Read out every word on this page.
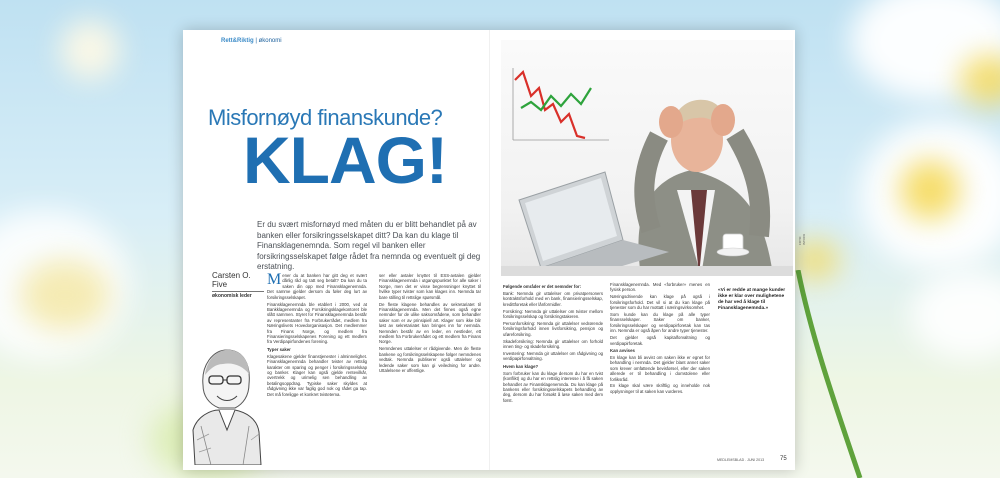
Rett&Riktig | økonomi
Misfornøyd finanskunde?
KLAG!
Er du svært misfornøyd med måten du er blitt behandlet på av banken eller forsikringsselskapet ditt? Da kan du klage til Finansklagenemnda. Som regel vil banken eller forsikringsselskapet følge rådet fra nemnda og eventuelt gi deg erstatning.
Carsten O. Five
økonomisk leder
M ener du at banken har gitt deg et svært dårlig råd og tatt seg betalt? Da kan du ta saken din opp med Finansklagenemnda. Det samme gjelder dersom du føler deg lurt av forsikringsselskapet.

Finansklagenemnda ble etablert i 2000, ved at Bankklagenemnda og Forsikringsklagekontoret ble slått sammen. Styret for Finansklagenemnda består av representanter fra Forbrukerrådet, medlem fra Næringslivets Hovedorganisasjon. Det medlemmer fra Finans Norge, og medlem fra Finansieringsselskapenes Forening og ett medlem fra Verdipapirfondenes forening.

Typer saker

Klagesakene gjelder finanstjenester i alminnelighet. Finansklagenemnda behandler tvister av rettslig karakter om sparing og penger i forsikringsselskap og banker. Klager kan også gjelde rentevilkår, overtrekk og urimelig sen behandling av betalingsoppdrag. Typiske saker skyldes at rådgivning ikke var faglig god nok og rådet ga tap. Det må foreligge et konkret tvistetema.

ser eller avtaler knyttet til ESS-avtalen gjelder Finansklagenemnda i utgangspunktet for alle saker i Norge, men det er visse begrensninger knyttet til hvilke typer tvister som kan klages inn. Nemnda tar bare stilling til rettslige spørsmål.

De fleste klagene behandles av sekretariatet til Finansklagenemnda. Men det finnes også egne nemnder for de ulike saksområdene, som behandler saker som er av prinsipiell art. Klager som ikke blir løst av sekretariatet kan bringes inn for nemnda. Nemnden består av en leder, en nestleder, ett medlem fra Forbrukerrådet og ett medlem fra Finans Norge.

Nemndenes uttalelser er rådgivende. Men de fleste bankene og forsikringsselskapene følger nemndenes vedtak. Nemnda publiserer også uttalelser og ledende saker som kan gi veiledning for andre. Uttalelsene er offentlige.

FOTO: ISTOCK

Følgende områder er det nemnder for:

Bank: Nemnda gir uttalelser om privatpersoners kontraktsforhold med en bank, finansieringsselskap, kredittforetak eller lånformidler.

Forsikring: Nemnda gir uttalelser om tvister mellom forsikringsselskap og forsikringstakeren.

Personforsikring: Nemnda gir uttalelser vedrørende forsikringsforhold innen livsforsikring, pensjon og uføreforsikring.

Skadeforsikring: Nemnda gir uttalelser om forhold innen ting- og skadeforsikring.

Investering: Nemnda gir uttalelser om rådgivning og verdipapirforvaltning.

Hvem kan klage?

Som forbruker kan du klage dersom du har en tvist (konflikt) og du har en rettslig interesse i å få saken behandlet av Finansklagenemnda. Du kan klage på bankens eller forsikringsselskapets behandling av deg, dersom du har forsøkt å løse saken med dem først.

Finansklagenemnda. Med «forbruker» menes en fysisk person.

Næringsdrivende kan klage på også i forsikringsforhold. Det vil si at du kan klage på tjenester som du har mottatt i næringsvirksomhet.

Som kunde kan du klage på alle typer finansselskaper. Saker om banker, forsikringsselskaper og verdipapirforetak kan tas inn. Nemnda er også åpen for andre typer tjenester.

Det gjelder også kapitalforvaltning og verdipapirforetak.

Kan avvises

En klage kan bli avvist om saken ikke er egnet for behandling i nemnda. Det gjelder blant annet saker som krever omfattende bevisførsel, eller der saken allerede er til behandling i domstolene eller forliksråd.

En klage skal være skriftlig og inneholde nok opplysninger til at saken kan vurderes.

«Vi er redde at mange kunder ikke er klar over mulighetene de har ved å klage til Finansklagenemnda.»
MEDLEMSBLAD ∙ JUNI 2013	75
